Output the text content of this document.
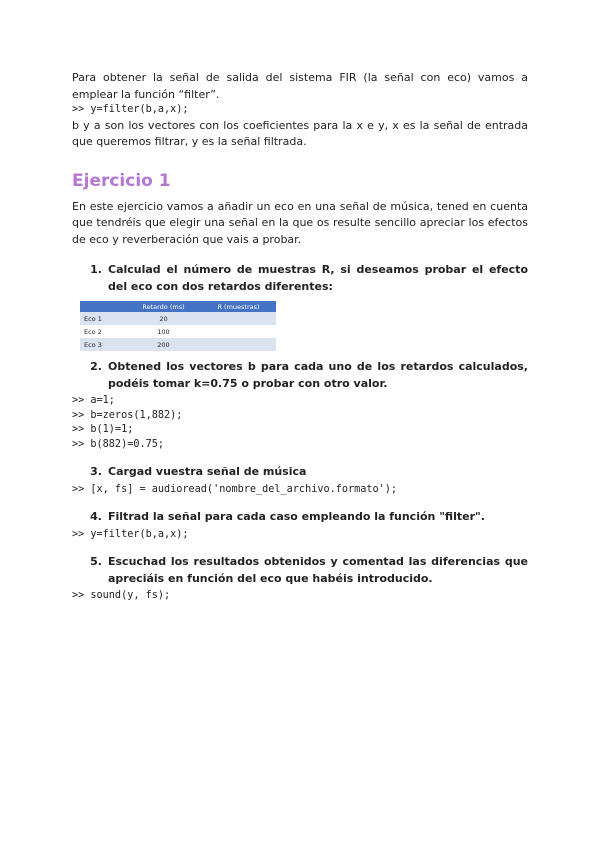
Para obtener la señal de salida del sistema FIR (la señal con eco) vamos a emplear la función “filter”.

>> y=filter(b,a,x);

b y a son los vectores con los coeficientes para la x e y, x es la señal de entrada que queremos filtrar, y es la señal filtrada.

Ejercicio 1

En este ejercicio vamos a añadir un eco en una señal de música, tened en cuenta que tendréis que elegir una señal en la que os resulte sencillo apreciar los efectos de eco y reverberación que vais a probar.

1. Calculad el número de muestras R, si deseamos probar el efecto del eco con dos retardos diferentes:
	Retardo (ms)	R (muestras)
Eco 1	20	
Eco 2	100	
Eco 3	200	
2. Obtened los vectores b para cada uno de los retardos calculados, podéis tomar k=0.75 o probar con otro valor.

>> a=1;

>> b=zeros(1,882);

>> b(1)=1;

>> b(882)=0.75;

3. Cargad vuestra señal de música

>> [x, fs] = audioread('nombre_del_archivo.formato');

4. Filtrad la señal para cada caso empleando la función "filter".

>> y=filter(b,a,x);

5. Escuchad los resultados obtenidos y comentad las diferencias que apreciáis en función del eco que habéis introducido.

>> sound(y, fs);
